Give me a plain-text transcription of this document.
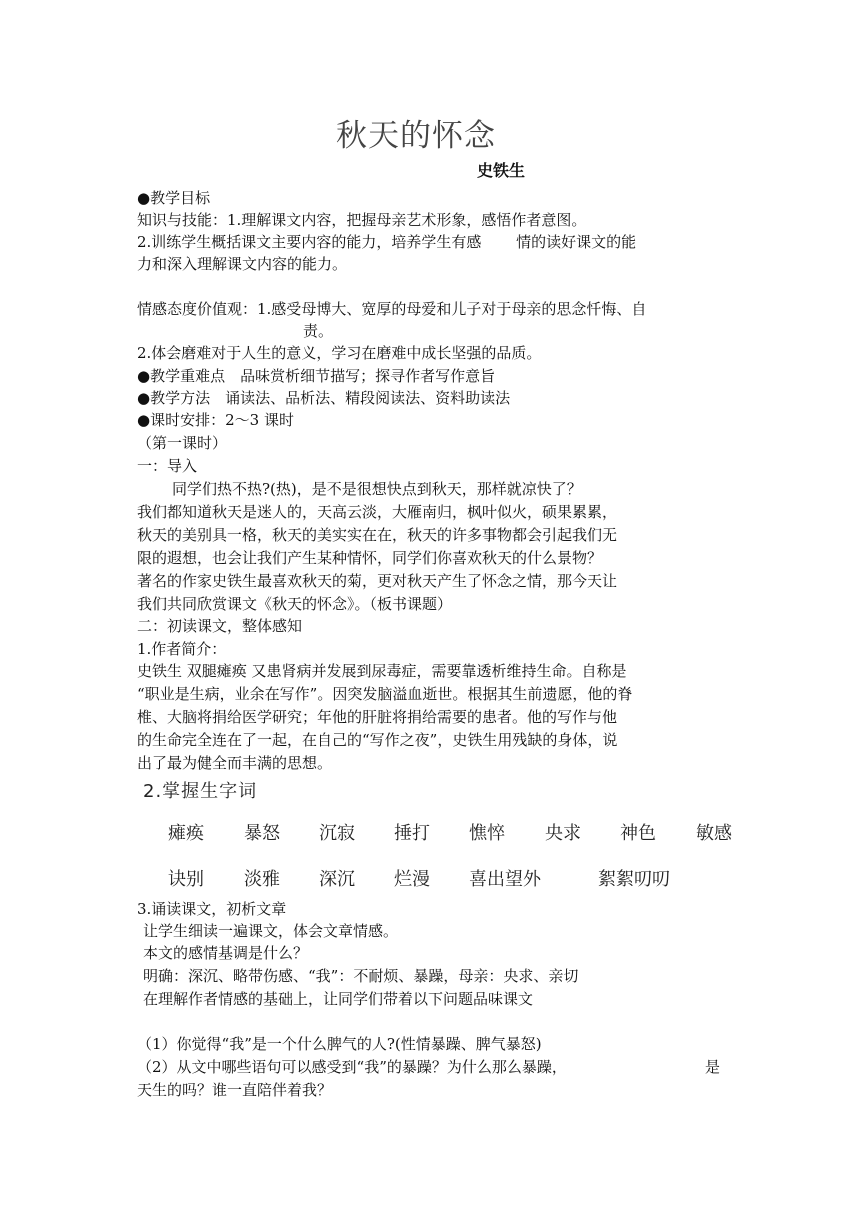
秋天的怀念
史铁生
●教学目标
知识与技能：1.理解课文内容，把握母亲艺术形象，感悟作者意图。
2.训练学生概括课文主要内容的能力，培养学生有感　　 情的读好课文的能
力和深入理解课文内容的能力。
情感态度价值观：1.感受母博大、宽厚的母爱和儿子对于母亲的思念忏悔、自
责。
2.体会磨难对于人生的意义，学习在磨难中成长坚强的品质。
●教学重难点　品味赏析细节描写；探寻作者写作意旨
●教学方法　诵读法、品析法、精段阅读法、资料助读法
●课时安排：2～3 课时
（第一课时）
一：导入
同学们热不热?(热)，是不是很想快点到秋天，那样就凉快了？
我们都知道秋天是迷人的，天高云淡，大雁南归，枫叶似火，硕果累累，
秋天的美别具一格，秋天的美实实在在，秋天的许多事物都会引起我们无
限的遐想，也会让我们产生某种情怀，同学们你喜欢秋天的什么景物？
著名的作家史铁生最喜欢秋天的菊，更对秋天产生了怀念之情，那今天让
我们共同欣赏课文《秋天的怀念》。（板书课题）
二：初读课文，整体感知
1.作者简介：
史铁生 双腿瘫痪 又患肾病并发展到尿毒症，需要靠透析维持生命。自称是
“职业是生病，业余在写作”。因突发脑溢血逝世。根据其生前遗愿，他的脊
椎、大脑将捐给医学研究；年他的肝脏将捐给需要的患者。他的写作与他
的生命完全连在了一起，在自己的“写作之夜”，史铁生用残缺的身体，说
出了最为健全而丰满的思想。
2.掌握生字词
瘫痪 暴怒 沉寂 捶打 憔悴 央求 神色 敏感
诀别 淡雅 深沉 烂漫 喜出望外	絮絮叨叨
3.诵读课文，初析文章
让学生细读一遍课文，体会文章情感。
本文的感情基调是什么？
明确：深沉、略带伤感、“我”：不耐烦、暴躁，母亲：央求、亲切
在理解作者情感的基础上，让同学们带着以下问题品味课文
（1）你觉得“我”是一个什么脾气的人?(性情暴躁、脾气暴怒)
（2）从文中哪些语句可以感受到“我”的暴躁？为什么那么暴躁，	是
天生的吗？谁一直陪伴着我？
